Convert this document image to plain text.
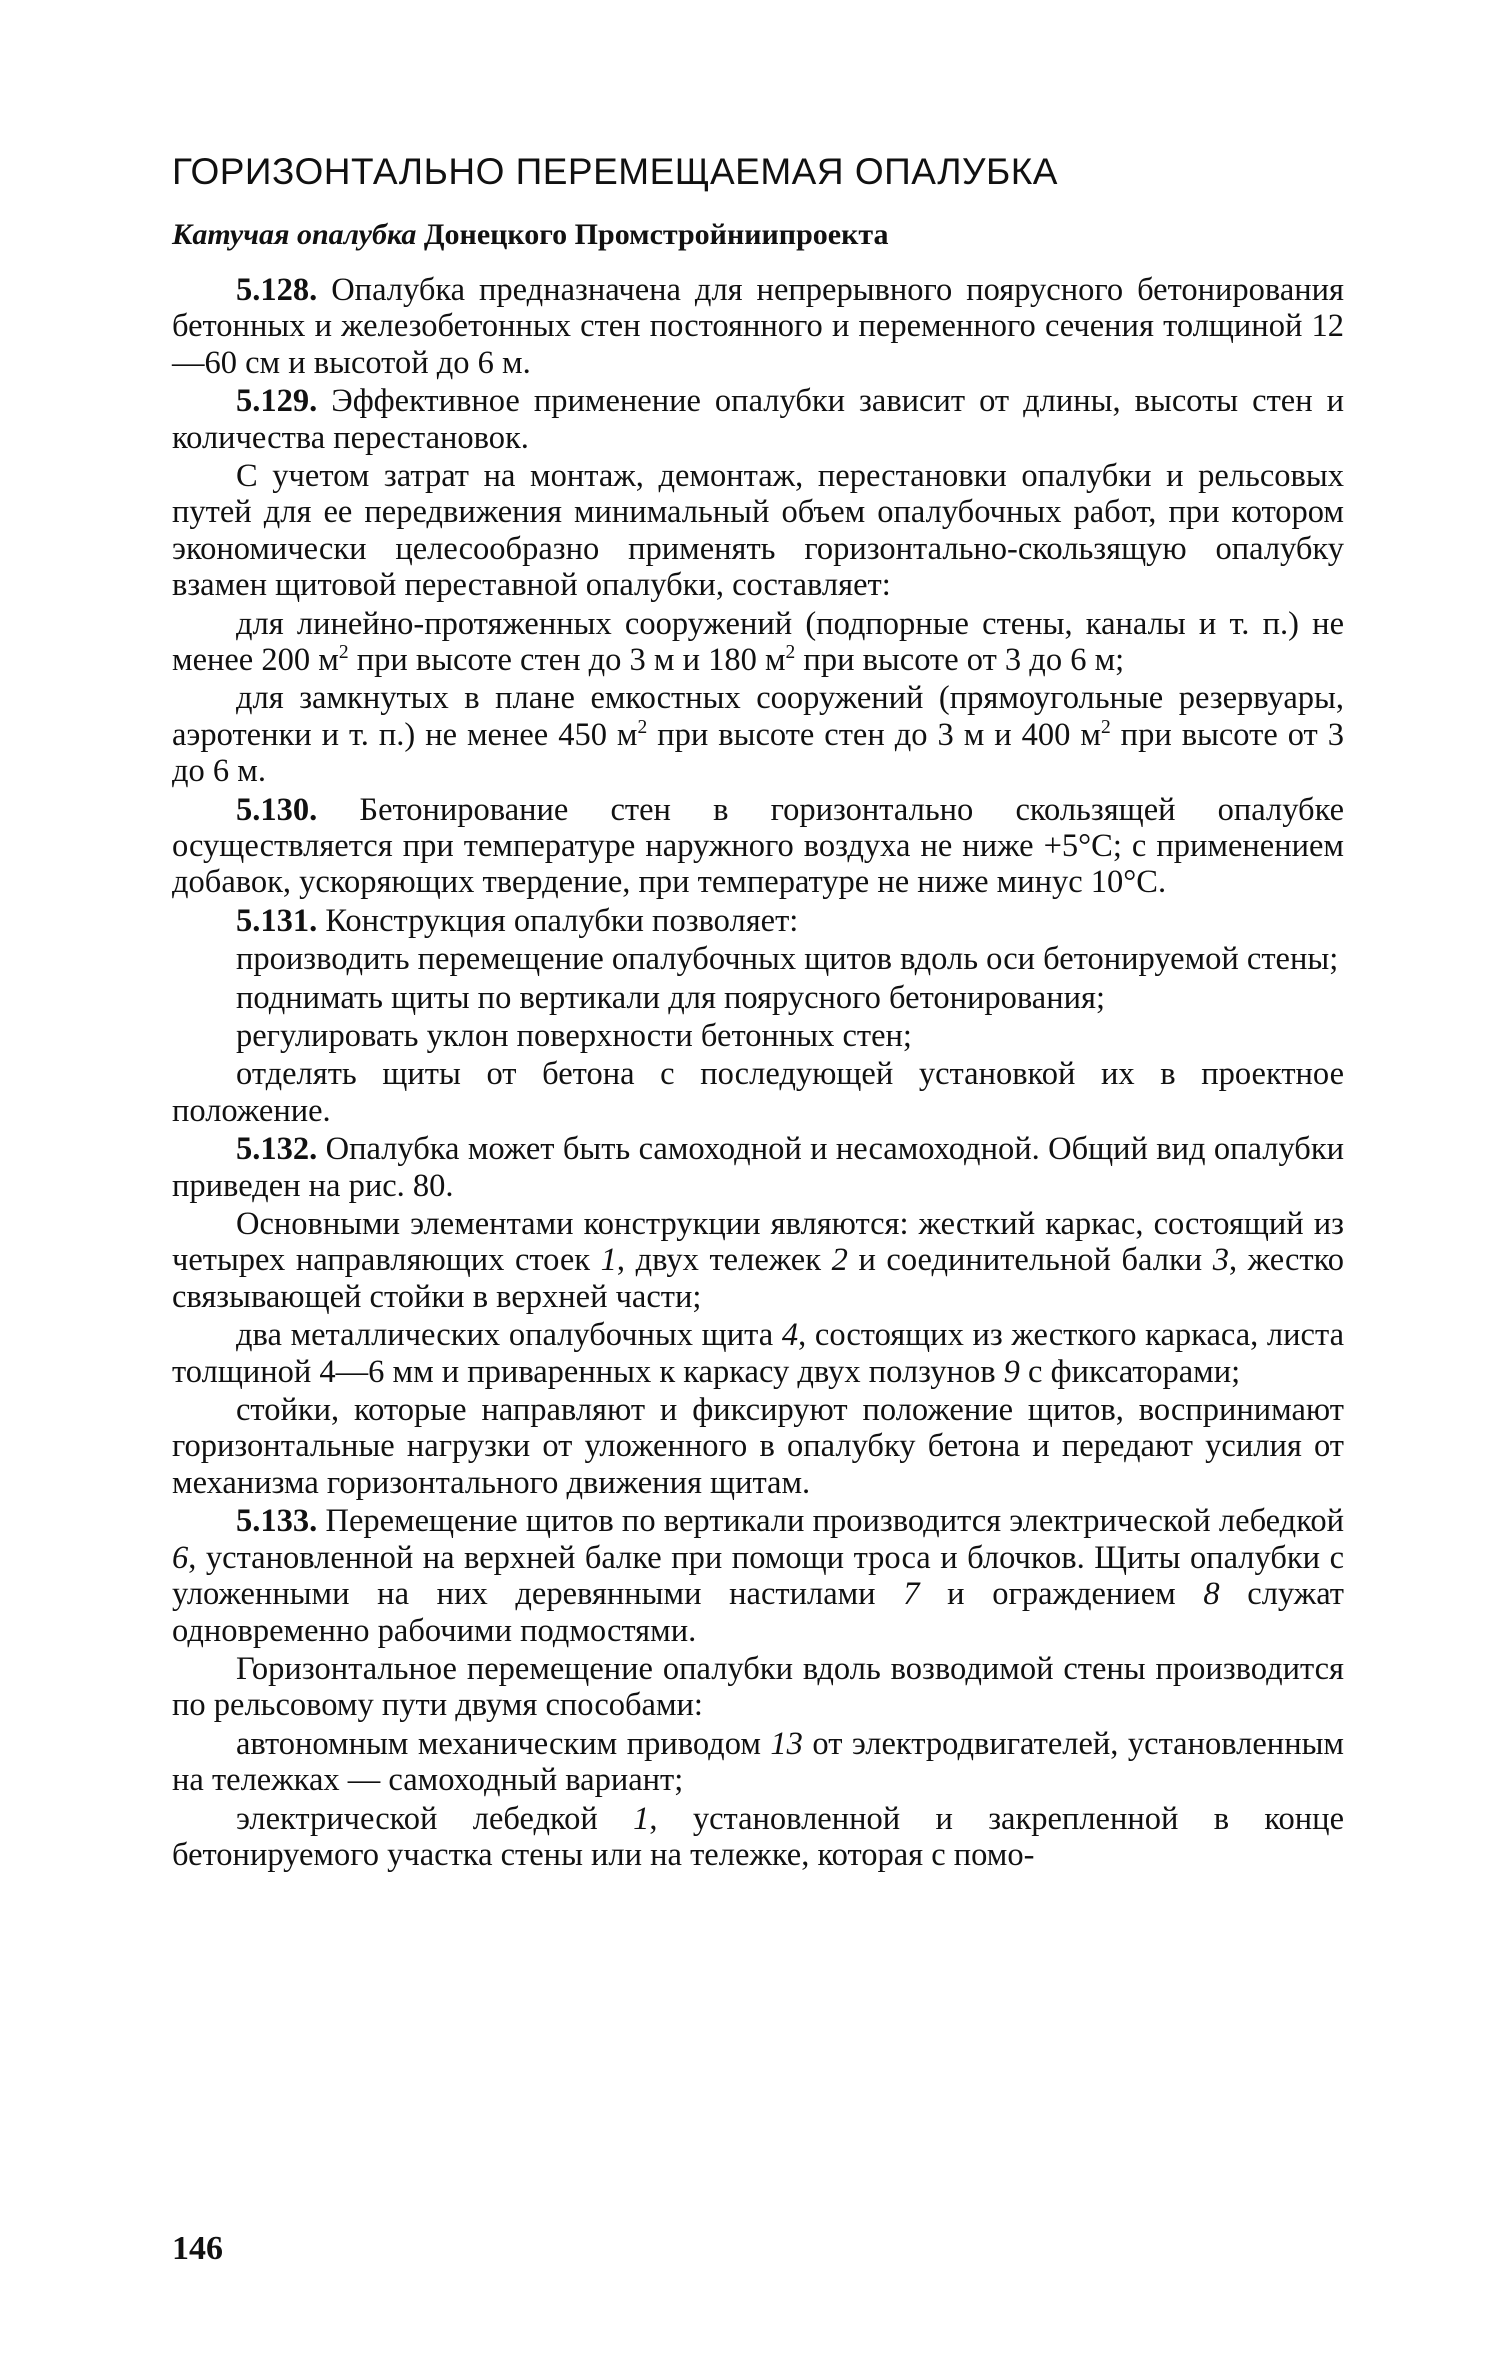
ГОРИЗОНТАЛЬНО ПЕРЕМЕЩАЕМАЯ ОПАЛУБКА
Катучая опалубка Донецкого Промстройниипроекта

5.128. Опалубка предназначена для непрерывного поярусного бетонирования бетонных и железобетонных стен постоянного и переменного сечения толщиной 12—60 см и высотой до 6 м.

5.129. Эффективное применение опалубки зависит от длины, высоты стен и количества перестановок.

С учетом затрат на монтаж, демонтаж, перестановки опалубки и рельсовых путей для ее передвижения минимальный объем опалубочных работ, при котором экономически целесообразно применять горизонтально-скользящую опалубку взамен щитовой переставной опалубки, составляет:

для линейно-протяженных сооружений (подпорные стены, каналы и т. п.) не менее 200 $м^2$ при высоте стен до 3 м и 180 $м^2$ при высоте от 3 до 6 м;

для замкнутых в плане емкостных сооружений (прямоугольные резервуары, аэротенки и т. п.) не менее 450 $м^2$ при высоте стен до 3 м и 400 $м^2$ при высоте от 3 до 6 м.

5.130. Бетонирование стен в горизонтально скользящей опалубке осуществляется при температуре наружного воздуха не ниже +5°С; с применением добавок, ускоряющих твердение, при температуре не ниже минус 10°С.

5.131. Конструкция опалубки позволяет:

производить перемещение опалубочных щитов вдоль оси бетонируемой стены;

поднимать щиты по вертикали для поярусного бетонирования;

регулировать уклон поверхности бетонных стен;

отделять щиты от бетона с последующей установкой их в проектное положение.

5.132. Опалубка может быть самоходной и несамоходной. Общий вид опалубки приведен на рис. 80.

Основными элементами конструкции являются: жесткий каркас, состоящий из четырех направляющих стоек 1, двух тележек 2 и соединительной балки 3, жестко связывающей стойки в верхней части;

два металлических опалубочных щита 4, состоящих из жесткого каркаса, листа толщиной 4—6 мм и приваренных к каркасу двух ползунов 9 с фиксаторами;

стойки, которые направляют и фиксируют положение щитов, воспринимают горизонтальные нагрузки от уложенного в опалубку бетона и передают усилия от механизма горизонтального движения щитам.

5.133. Перемещение щитов по вертикали производится электрической лебедкой 6, установленной на верхней балке при помощи троса и блочков. Щиты опалубки с уложенными на них деревянными настилами 7 и ограждением 8 служат одновременно рабочими подмостями.

Горизонтальное перемещение опалубки вдоль возводимой стены производится по рельсовому пути двумя способами:

автономным механическим приводом 13 от электродвигателей, установленным на тележках — самоходный вариант;

электрической лебедкой 1, установленной и закрепленной в конце бетонируемого участка стены или на тележке, которая с помо-

146
